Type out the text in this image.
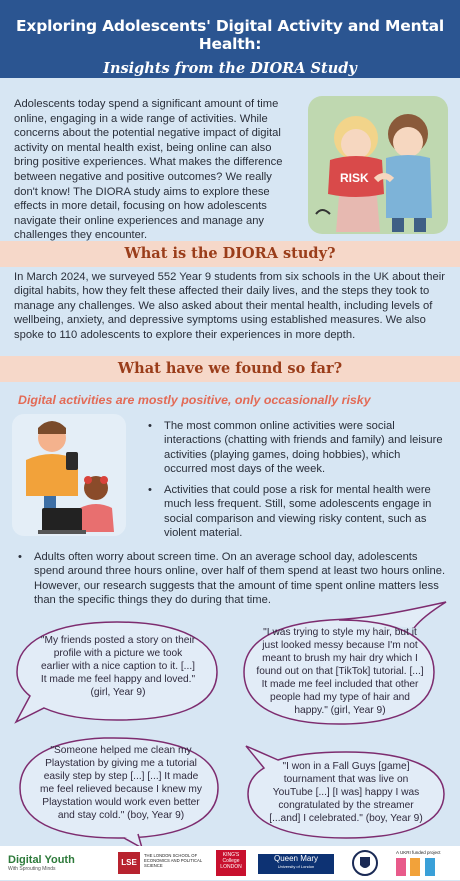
Exploring Adolescents' Digital Activity and Mental Health:
Insights from the DIORA Study
Adolescents today spend a significant amount of time online, engaging in a wide range of activities. While concerns about the potential negative impact of digital activity on mental health exist, being online can also bring positive experiences. What makes the difference between negative and positive outcomes? We really don't know! The DIORA study aims to explore these effects in more detail, focusing on how adolescents navigate their online experiences and manage any challenges they encounter.
RISK
What is the DIORA study?
In March 2024, we surveyed 552 Year 9 students from six schools in the UK about their digital habits, how they felt these affected their daily lives, and the steps they took to manage any challenges. We also asked about their mental health, including levels of wellbeing, anxiety, and depressive symptoms using established measures. We also spoke to 110 adolescents to explore their experiences in more depth.
What have we found so far?
Digital activities are mostly positive, only occasionally risky
• The most common online activities were social interactions (chatting with friends and family) and leisure activities (playing games, doing hobbies), which occurred most days of the week.
• Activities that could pose a risk for mental health were much less frequent. Still, some adolescents engage in social comparison and viewing risky content, such as violent material.
• Adults often worry about screen time. On an average school day, adolescents spend around three hours online, over half of them spend at least two hours online. However, our research suggests that the amount of time spent online matters less than the specific things they do during that time.
"My friends posted a story on their profile with a picture we took earlier with a nice caption to it. [...] It made me feel happy and loved." (girl, Year 9)
"I was trying to style my hair, but it just looked messy because I'm not meant to brush my hair dry which I found out on that [TikTok] tutorial. [...] It made me feel included that other people had my type of hair and happy." (girl, Year 9)
"Someone helped me clean my Playstation by giving me a tutorial easily step by step [...] [...] It made me feel relieved because I knew my Playstation would work even better and stay cold." (boy, Year 9)
"I won in a Fall Guys [game] tournament that was live on YouTube [...] [I was] happy I was congratulated by the streamer [...and] I celebrated." (boy, Year 9)
Digital Youth
With Sprouting Minds
LSE
THE LONDON SCHOOL OF ECONOMICS AND POLITICAL SCIENCE
KING'S College LONDON
Queen Mary
University of London
A UKRI funded project
